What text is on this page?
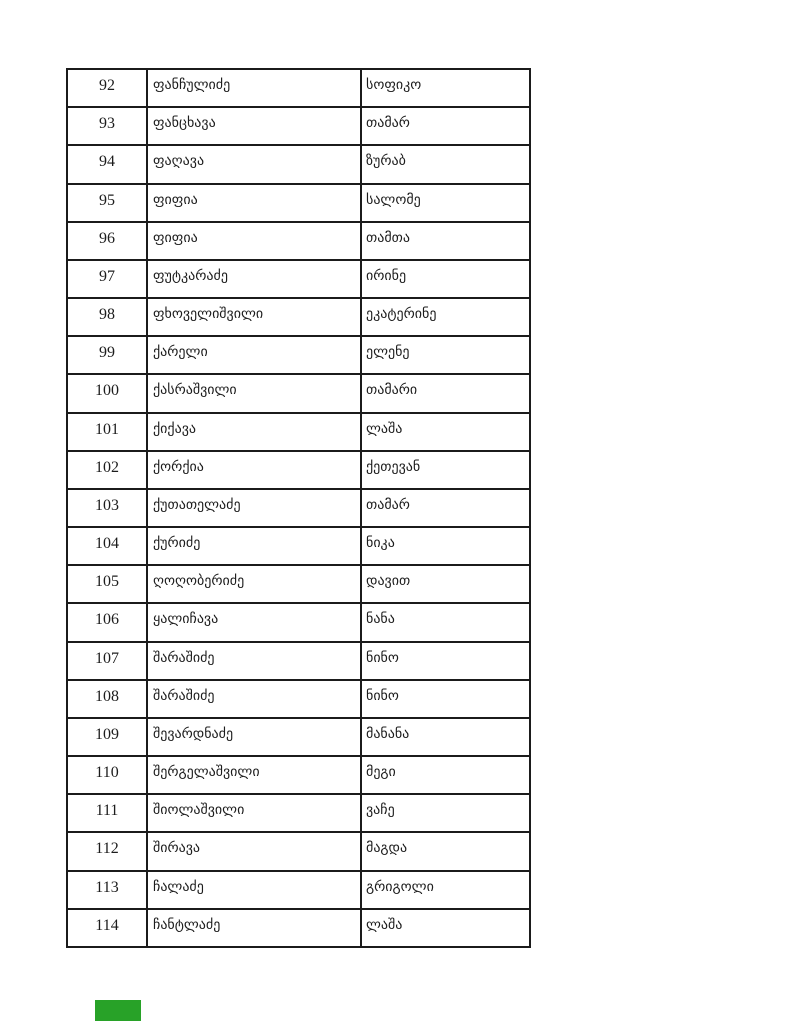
92	ფანჩულიძე	სოფიკო
93	ფანცხავა	თამარ
94	ფაღავა	ზურაბ
95	ფიფია	სალომე
96	ფიფია	თამთა
97	ფუტკარაძე	ირინე
98	ფხოველიშვილი	ეკატერინე
99	ქარელი	ელენე
100	ქასრაშვილი	თამარი
101	ქიქავა	ლაშა
102	ქორქია	ქეთევან
103	ქუთათელაძე	თამარ
104	ქურიძე	ნიკა
105	ღოღობერიძე	დავით
106	ყალიჩავა	ნანა
107	შარაშიძე	ნინო
108	შარაშიძე	ნინო
109	შევარდნაძე	მანანა
110	შერგელაშვილი	მეგი
111	შიოლაშვილი	ვაჩე
112	შირავა	მაგდა
113	ჩალაძე	გრიგოლი
114	ჩანტლაძე	ლაშა
